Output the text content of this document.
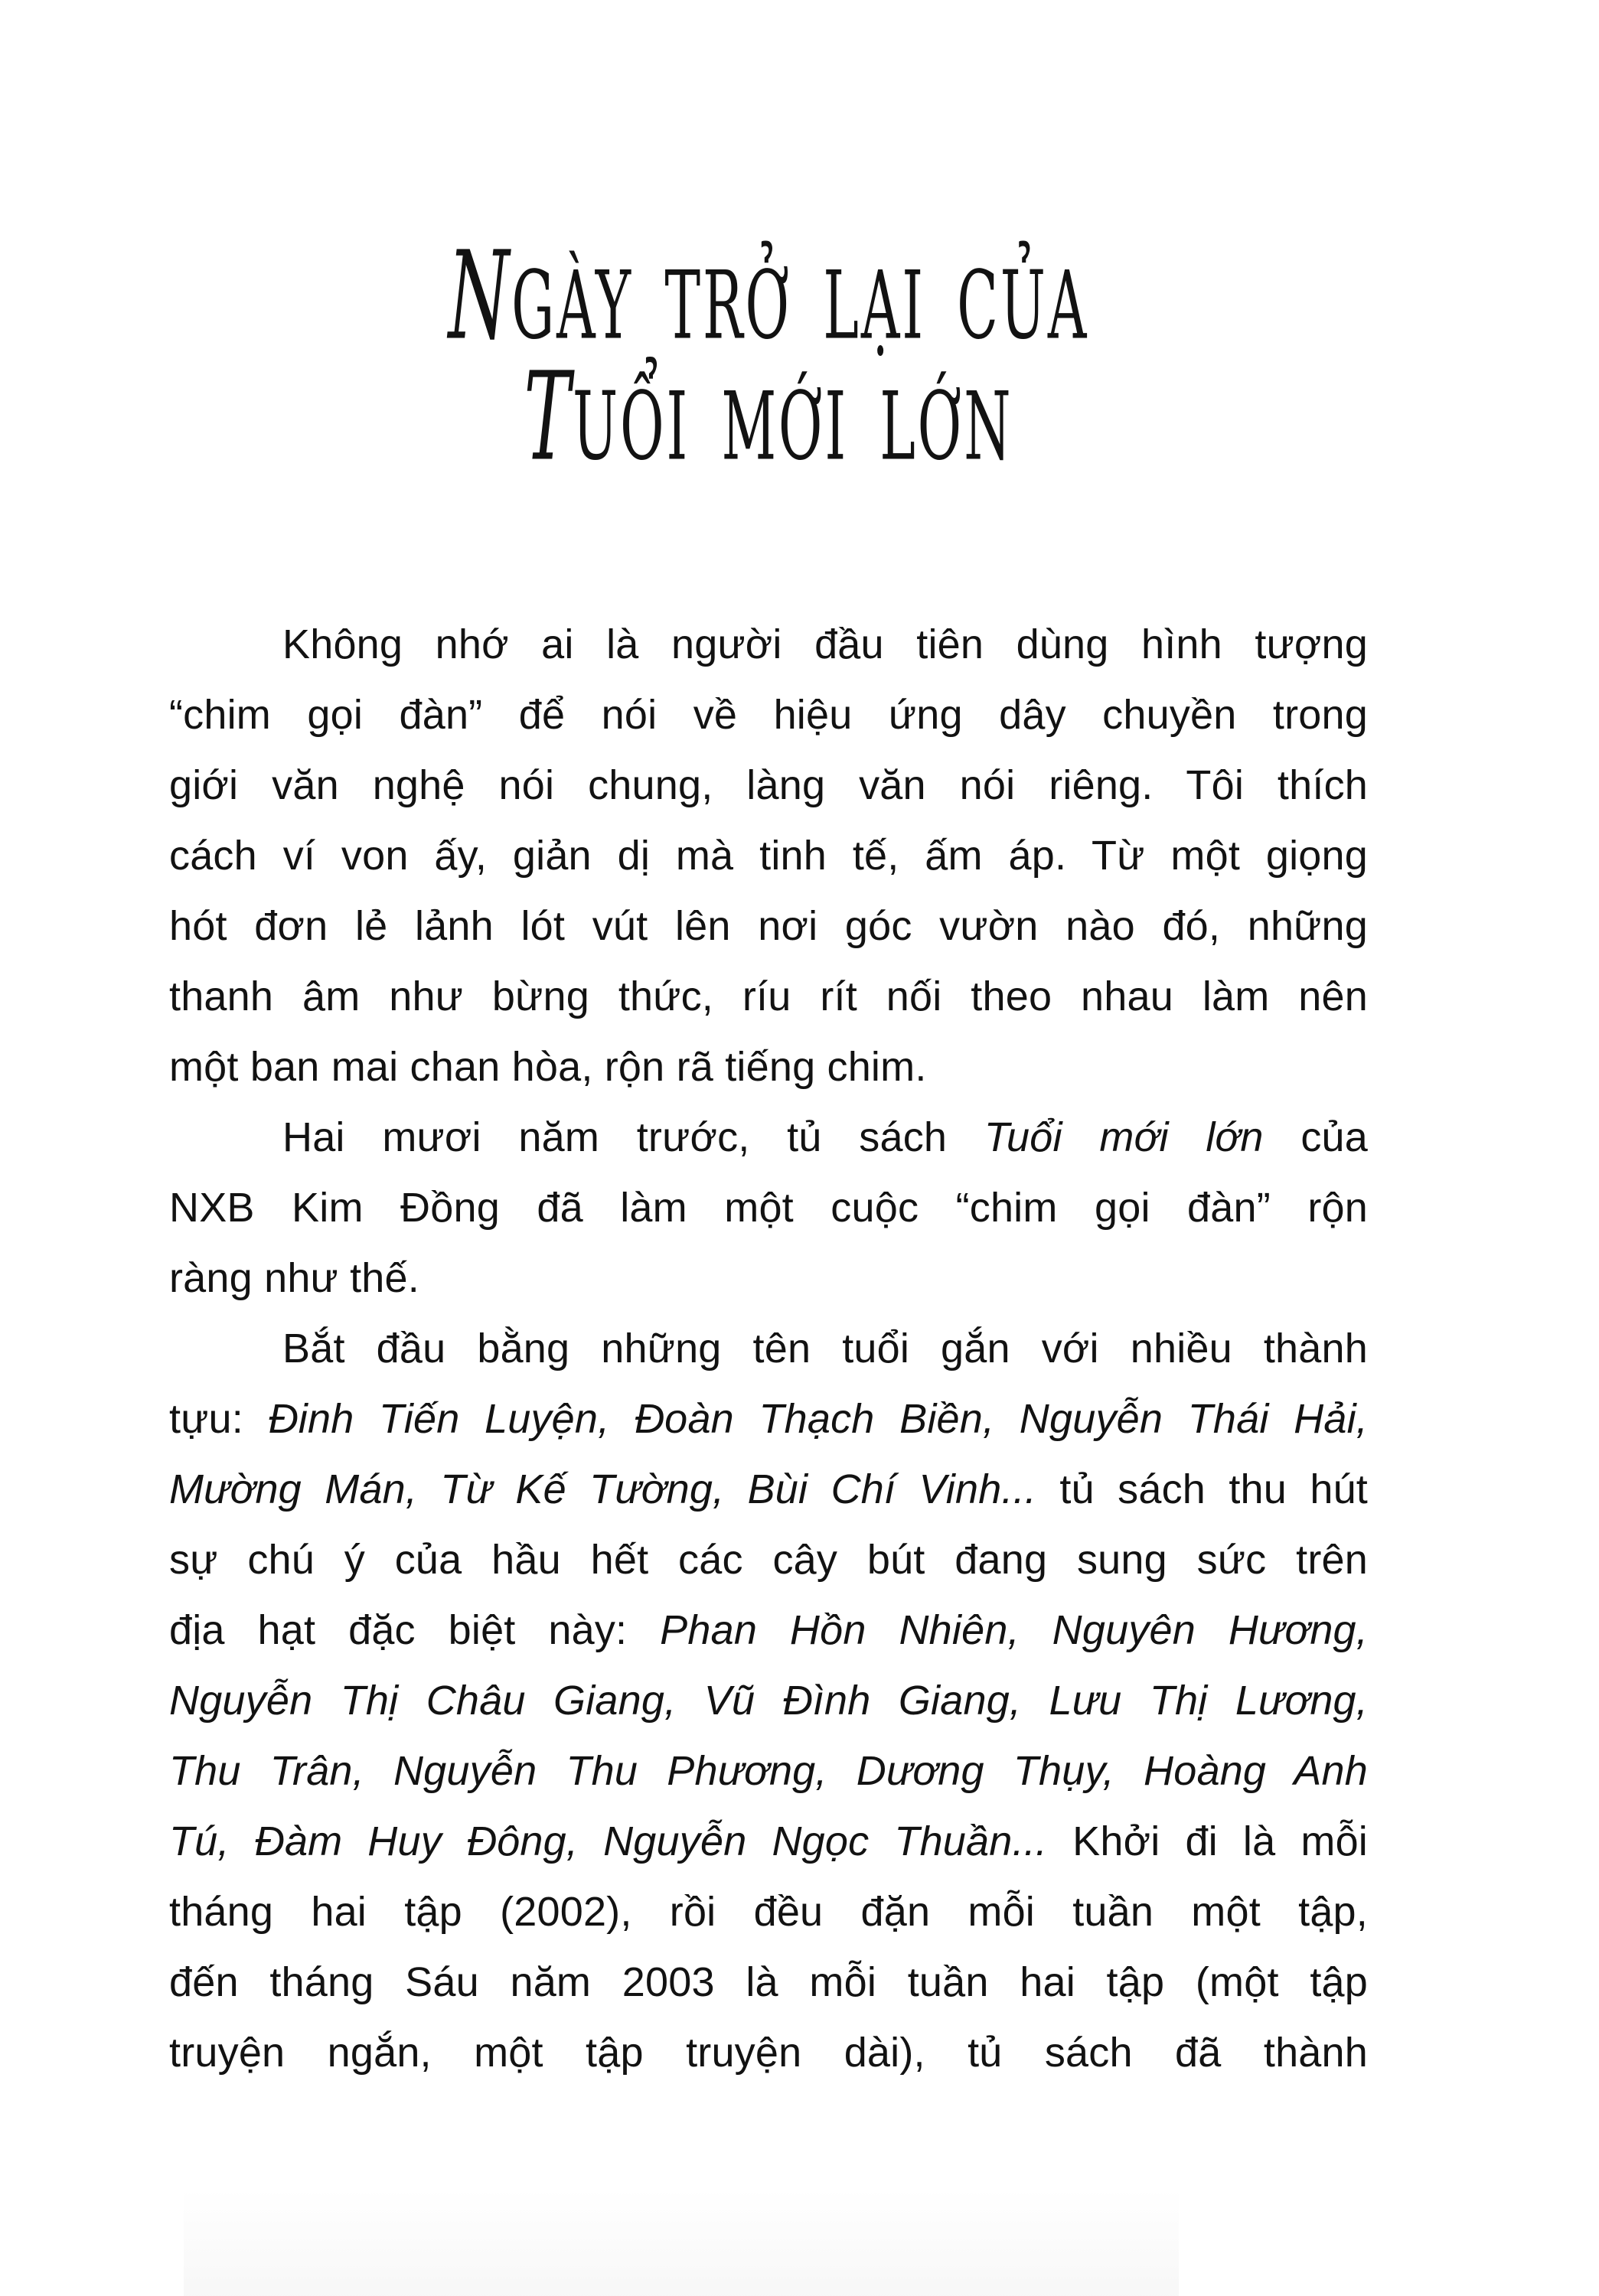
NGÀY TRỞ LẠI CỦA
TUỔI MỚI LỚN
Không nhớ ai là người đầu tiên dùng hình tượng
“chim gọi đàn” để nói về hiệu ứng dây chuyền trong
giới văn nghệ nói chung, làng văn nói riêng. Tôi thích
cách ví von ấy, giản dị mà tinh tế, ấm áp. Từ một giọng
hót đơn lẻ lảnh lót vút lên nơi góc vườn nào đó, những
thanh âm như bừng thức, ríu rít nối theo nhau làm nên
một ban mai chan hòa, rộn rã tiếng chim.
Hai mươi năm trước, tủ sách Tuổi mới lớn của
NXB Kim Đồng đã làm một cuộc “chim gọi đàn” rộn
ràng như thế.
Bắt đầu bằng những tên tuổi gắn với nhiều thành
tựu: Đinh Tiến Luyện, Đoàn Thạch Biền, Nguyễn Thái Hải,
Mường Mán, Từ Kế Tường, Bùi Chí Vinh... tủ sách thu hút
sự chú ý của hầu hết các cây bút đang sung sức trên
địa hạt đặc biệt này: Phan Hồn Nhiên, Nguyên Hương,
Nguyễn Thị Châu Giang, Vũ Đình Giang, Lưu Thị Lương,
Thu Trân, Nguyễn Thu Phương, Dương Thụy, Hoàng Anh
Tú, Đàm Huy Đông, Nguyễn Ngọc Thuần... Khởi đi là mỗi
tháng hai tập (2002), rồi đều đặn mỗi tuần một tập,
đến tháng Sáu năm 2003 là mỗi tuần hai tập (một tập
truyện ngắn, một tập truyện dài), tủ sách đã thành
